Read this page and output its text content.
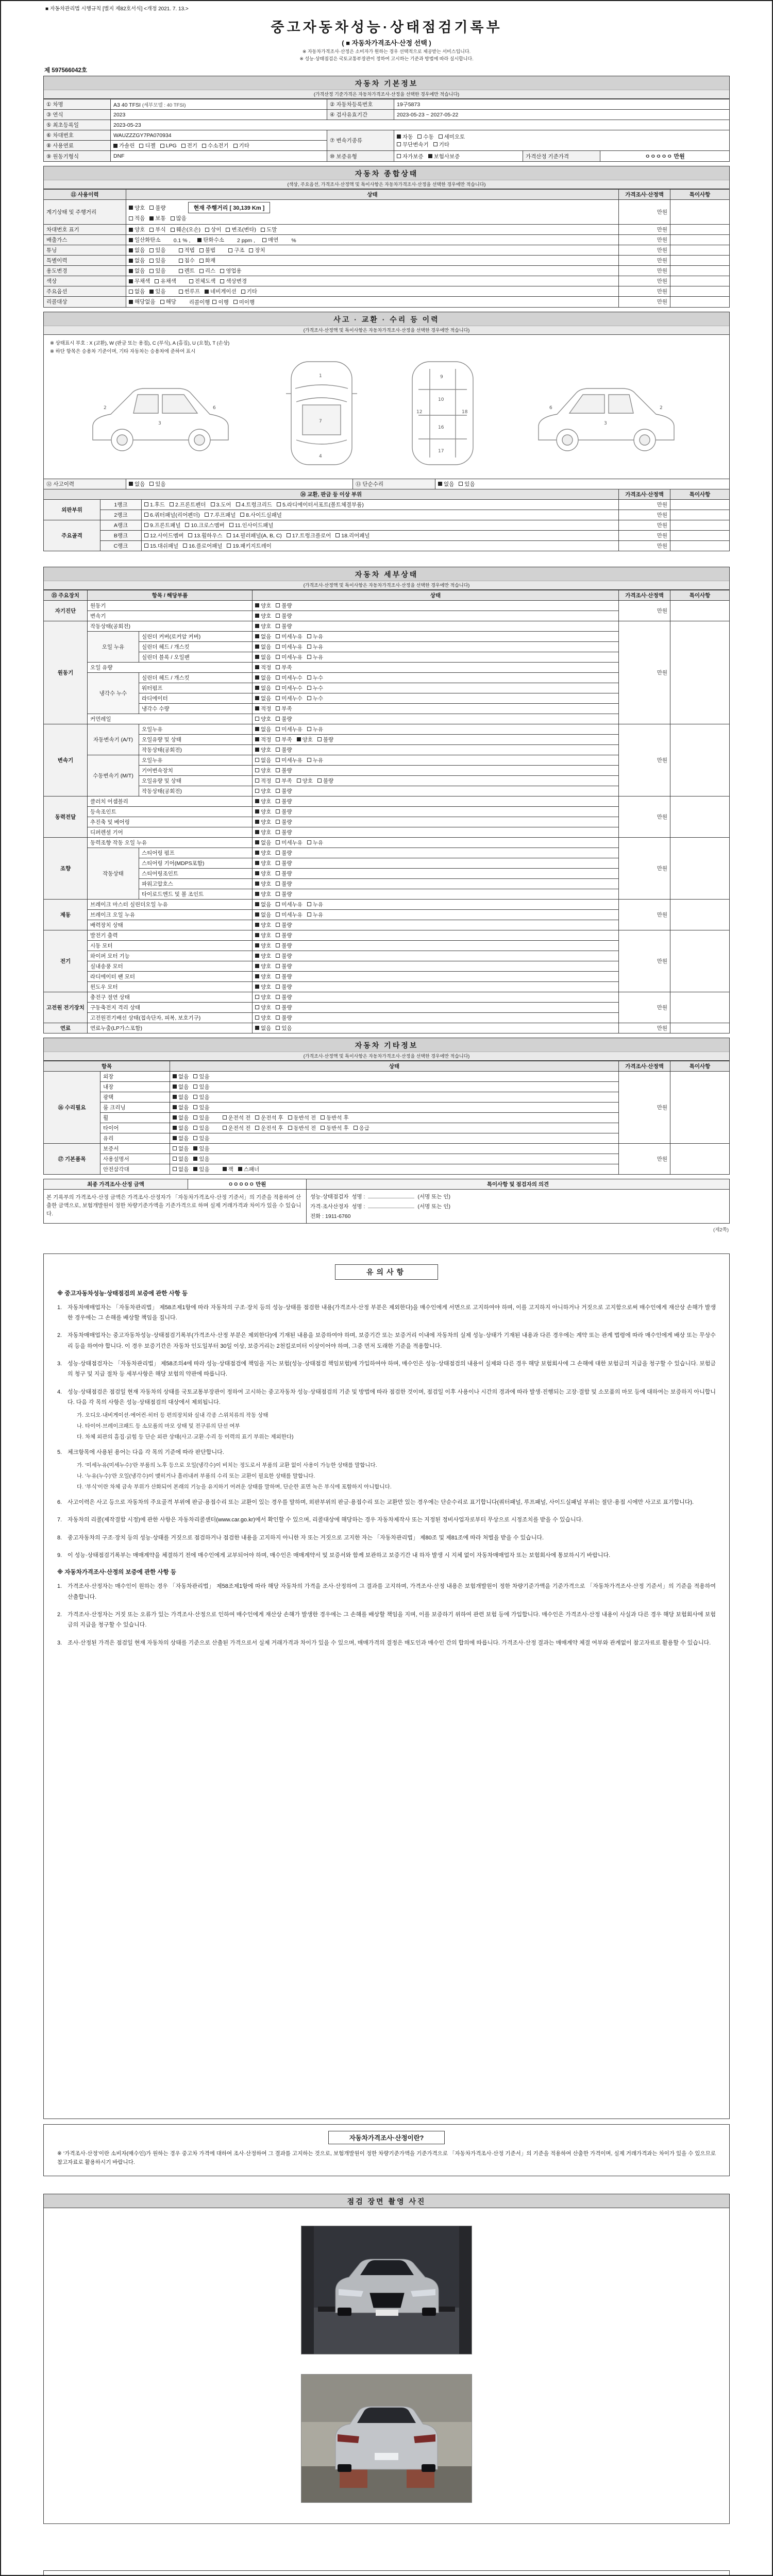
■ 자동차관리법 시행규칙 [별지 제82호서식] <개정 2021. 7. 13.>
중고자동차성능·상태점검기록부
( ■ 자동차가격조사·산정 선택 )
※ 자동차가격조사·산정은 소비자가 원하는 경우 선택적으로 제공받는 서비스입니다.
※ 성능·상태점검은 국토교통부장관이 정하여 고시하는 기준과 방법에 따라 실시합니다.
제 597566042호
자동차 기본정보
(가격산정 기준가격은 자동차가격조사·산정을 선택한 경우에만 적습니다)
① 차명	A3 40 TFSI (세부모델 : 40 TFSI)	② 자동차등록번호	19구5873		
③ 연식	2023	④ 검사유효기간	2023-05-23 ~ 2027-05-22		
⑤ 최초등록일	2023-05-23				
⑥ 차대번호	WAUZZZGY7PA070934	⑦ 변속기종류	자동 수동 세미오토
무단변속기 기타		

⑧ 사용연료	가솔린 디젤 LPG 전기 수소전기 기타

⑨ 원동기형식	DNF	⑩ 보증유형	자가보증 보험사보증	가격산정 기준가격	ㅇㅇㅇㅇㅇ 만원
자동차 종합상태
(색상, 주요옵션, 가격조사·산정액 및 특이사항은 자동차가격조사·산정을 선택한 경우에만 적습니다)
⑪ 사용이력	상태	가격조사·산정액	특이사항
계기상태 및 주행거리	
양호 불량	현재 주행거리 [ 30,139 Km ]
적음 보통 많음
	만원	
차대번호 표기	양호 부식 훼손(오손) 상이 변조(변타) 도말	만원	
배출가스	일산화탄소 0.1 % , 탄화수소 2 ppm , 매연 %	만원	
튜닝	없음 있음	적법 불법	구조 장치	만원	
특별이력	없음 있음 침수 화재	만원	
용도변경	없음 있음 렌트 리스 영업용	만원	
색상	무채색 유채색 전체도색 색상변경	만원	
주요옵션	없음 있음 썬루프 네비게이션 기타	만원	
리콜대상	해당없음 해당 리콜이행 이행 미이행	만원	
사고 · 교환 · 수리 등 이력
(가격조사·산정액 및 특이사항은 자동차가격조사·산정을 선택한 경우에만 적습니다)
※ 상태표시 부호 : X (교환), W (판금 또는 용접), C (부식), A (흠집), U (요철), T (손상)
※ 하단 항목은 승용차 기준이며, 기타 자동차는 승용차에 준하여 표시
2
3
6
1
7
4
9
10
12
16
17
18
2
3
6
⑫ 사고이력	없음 있음	⑬ 단순수리	없음 있음
⑭ 교환, 판금 등 이상 부위			가격조사·산정액	특이사항
외판부위	1랭크	1.후드 2.프론트펜더 3.도어 4.트렁크리드 5.라디에이터서포트(볼트체결부품)	만원	
	2랭크	6.쿼터패널(리어펜더) 7.루프패널 8.사이드실패널	만원	
주요골격	A랭크	9.프론트패널 10.크로스멤버 11.인사이드패널	만원	
	B랭크	12.사이드멤버 13.휠하우스 14.필러패널(A, B, C) 17.트렁크플로어 18.리어패널	만원	
	C랭크	15.대쉬패널 16.플로어패널 19.패키지트레이	만원	
자동차 세부상태
(가격조사·산정액 및 특이사항은 자동차가격조사·산정을 선택한 경우에만 적습니다)
⑮ 주요장치	항목 / 해당부품		상태	가격조사·산정액	특이사항
자기진단	원동기		양호 불량	만원	
	변속기		양호 불량		

원동기	작동상태(공회전)		양호 불량	만원	
	오일 누유	실린더 커버(로커암 커버)	없음 미세누유 누유		

		실린더 헤드 / 개스킷	없음 미세누유 누유		

		실린더 블록 / 오일팬	없음 미세누유 누유		

	오일 유량		적정 부족		

	냉각수 누수	실린더 헤드 / 개스킷	없음 미세누수 누수		

		워터펌프	없음 미세누수 누수		

		라디에이터	없음 미세누수 누수		

		냉각수 수량	적정 부족		

	커먼레일		양호 불량		

변속기	자동변속기 (A/T)	오일누유	없음 미세누유 누유	만원	
		오일유량 및 상태	적정 부족 양호 불량		

		작동상태(공회전)	양호 불량		

	수동변속기 (M/T)	오일누유	없음 미세누유 누유		

		기어변속장치	양호 불량		

		오일유량 및 상태	적정 부족 양호 불량		

		작동상태(공회전)	양호 불량		

동력전달	클러치 어셈블리		양호 불량	만원	
	등속조인트		양호 불량		

	추진축 및 베어링		양호 불량		

	디퍼렌셜 기어		양호 불량		

조향	동력조향 작동 오일 누유		없음 미세누유 누유	만원	
	작동상태	스티어링 펌프	양호 불량		

		스티어링 기어(MDPS포함)	양호 불량		

		스티어링조인트	양호 불량		

		파워고압호스	양호 불량		

		타이로드엔드 및 볼 조인트	양호 불량		

제동	브레이크 마스터 실린더오일 누유		없음 미세누유 누유	만원	
	브레이크 오일 누유		없음 미세누유 누유		

	배력장치 상태		양호 불량		

전기	발전기 출력		양호 불량	만원	
	시동 모터		양호 불량		

	와이퍼 모터 기능		양호 불량		

	실내송풍 모터		양호 불량		

	라디에이터 팬 모터		양호 불량		

	윈도우 모터		양호 불량		

고전원 전기장치	충전구 절연 상태		양호 불량	만원	
	구동축전지 격리 상태		양호 불량		

	고전원전기배선 상태(접속단자, 피복, 보호기구)		양호 불량		

연료	연료누출(LP가스포함)		없음 있음	만원	
자동차 기타정보
(가격조사·산정액 및 특이사항은 자동차가격조사·산정을 선택한 경우에만 적습니다)
항목		상태	가격조사·산정액	특이사항
⑯ 수리필요	외장	없음 있음	만원	
	내장	없음 있음		

	광택	없음 있음		

	룸 크리닝	없음 있음		

휠	없음 있음	운전석 전 운전석 후 동반석 전 동반석 후

타이어	없음 있음	운전석 전 운전석 후 동반석 전 동반석 후 응급

	유리	없음 있음		

⑰ 기본품목	보증서	없음 있음	만원	
	사용설명서	없음 있음		

	안전삼각대	없음 있음 잭 스패너		
최종 가격조사·산정 금액	ㅇㅇㅇㅇㅇ 만원	특이사항 및 점검자의 의견
본 기록부의 가격조사·산정 금액은 가격조사·산정자가 「자동차가격조사·산정 기준서」의 기준을 적용하여 산출한 금액으로, 보험개발원이 정한 차량기준가액을 기준가격으로 하며 실제 거래가격과 차이가 있을 수 있습니다.		성능·상태점검자 성명 : (서명 또는 인)
가격·조사산정자 성명 : (서명 또는 인)
전화 : 1911-6760
(제2쪽)
유의사항
※ 중고자동차성능·상태점검의 보증에 관한 사항 등
1. 자동차매매업자는 「자동차관리법」 제58조제1항에 따라 자동차의 구조·장치 등의 성능·상태를 점검한 내용(가격조사·산정 부분은 제외한다)을 매수인에게 서면으로 고지하여야 하며, 이를 고지하지 아니하거나 거짓으로 고지함으로써 매수인에게 재산상 손해가 발생한 경우에는 그 손해를 배상할 책임을 집니다.
2. 자동차매매업자는 중고자동차성능·상태점검기록부(가격조사·산정 부분은 제외한다)에 기재된 내용을 보증하여야 하며, 보증기간 또는 보증거리 이내에 자동차의 실제 성능·상태가 기재된 내용과 다른 경우에는 계약 또는 관계 법령에 따라 매수인에게 배상 또는 무상수리 등을 하여야 합니다. 이 경우 보증기간은 자동차 인도일부터 30일 이상, 보증거리는 2천킬로미터 이상이어야 하며, 그중 먼저 도래한 기준을 적용합니다.
3. 성능·상태점검자는 「자동차관리법」 제58조의4에 따라 성능·상태점검에 책임을 지는 보험(성능·상태점검 책임보험)에 가입하여야 하며, 매수인은 성능·상태점검의 내용이 실제와 다른 경우 해당 보험회사에 그 손해에 대한 보험금의 지급을 청구할 수 있습니다. 보험금의 청구 및 지급 절차 등 세부사항은 해당 보험의 약관에 따릅니다.
4. 성능·상태점검은 점검일 현재 자동차의 상태를 국토교통부장관이 정하여 고시하는 중고자동차 성능·상태점검의 기준 및 방법에 따라 점검한 것이며, 점검일 이후 사용이나 시간의 경과에 따라 발생·진행되는 고장·결함 및 소모품의 마모 등에 대하여는 보증하지 아니합니다. 다음 각 목의 사항은 성능·상태점검의 대상에서 제외됩니다.
가. 오디오·내비게이션·에어컨·히터 등 편의장치와 실내 각종 스위치류의 작동 상태
나. 타이어·브레이크패드 등 소모품의 마모 상태 및 전구류의 단선 여부
다. 차체 외관의 흠집·긁힘 등 단순 외관 상태(사고·교환·수리 등 이력의 표기 부위는 제외한다)
5. 체크항목에 사용된 용어는 다음 각 목의 기준에 따라 판단합니다.
가. ‘미세누유(미세누수)’란 부품의 노후 등으로 오일(냉각수)이 비치는 정도로서 부품의 교환 없이 사용이 가능한 상태를 말합니다.
나. ‘누유(누수)’란 오일(냉각수)이 맺히거나 흘러내려 부품의 수리 또는 교환이 필요한 상태를 말합니다.
다. ‘부식’이란 차체 금속 부위가 산화되어 본래의 기능을 유지하기 어려운 상태를 말하며, 단순한 표면 녹은 부식에 포함하지 아니합니다.
6. 사고이력은 사고 등으로 자동차의 주요골격 부위에 판금·용접수리 또는 교환이 있는 경우를 말하며, 외판부위의 판금·용접수리 또는 교환만 있는 경우에는 단순수리로 표기합니다(쿼터패널, 루프패널, 사이드실패널 부위는 절단·용접 시에만 사고로 표기합니다).
7. 자동차의 리콜(제작결함 시정)에 관한 사항은 자동차리콜센터(www.car.go.kr)에서 확인할 수 있으며, 리콜대상에 해당하는 경우 자동차제작사 또는 지정된 정비사업자로부터 무상으로 시정조치를 받을 수 있습니다.
8. 중고자동차의 구조·장치 등의 성능·상태를 거짓으로 점검하거나 점검한 내용을 고지하지 아니한 자 또는 거짓으로 고지한 자는 「자동차관리법」 제80조 및 제81조에 따라 처벌을 받을 수 있습니다.
9. 이 성능·상태점검기록부는 매매계약을 체결하기 전에 매수인에게 교부되어야 하며, 매수인은 매매계약서 및 보증서와 함께 보관하고 보증기간 내 하자 발생 시 지체 없이 자동차매매업자 또는 보험회사에 통보하시기 바랍니다.
※ 자동차가격조사·산정의 보증에 관한 사항 등
1. 가격조사·산정자는 매수인이 원하는 경우 「자동차관리법」 제58조제1항에 따라 해당 자동차의 가격을 조사·산정하여 그 결과를 고지하며, 가격조사·산정 내용은 보험개발원이 정한 차량기준가액을 기준가격으로 「자동차가격조사·산정 기준서」의 기준을 적용하여 산출합니다.
2. 가격조사·산정자는 거짓 또는 오류가 있는 가격조사·산정으로 인하여 매수인에게 재산상 손해가 발생한 경우에는 그 손해를 배상할 책임을 지며, 이를 보증하기 위하여 관련 보험 등에 가입합니다. 매수인은 가격조사·산정 내용이 사실과 다른 경우 해당 보험회사에 보험금의 지급을 청구할 수 있습니다.
3. 조사·산정된 가격은 점검일 현재 자동차의 상태를 기준으로 산출된 가격으로서 실제 거래가격과 차이가 있을 수 있으며, 매매가격의 결정은 매도인과 매수인 간의 합의에 따릅니다. 가격조사·산정 결과는 매매계약 체결 여부와 관계없이 참고자료로 활용할 수 있습니다.
자동차가격조사·산정이란?
※ ‘가격조사·산정’이란 소비자(매수인)가 원하는 경우 중고차 가격에 대하여 조사·산정하여 그 결과를 고지하는 것으로, 보험개발원이 정한 차량기준가액을 기준가격으로 「자동차가격조사·산정 기준서」의 기준을 적용하여 산출한 가격이며, 실제 거래가격과는 차이가 있을 수 있으므로 참고자료로 활용하시기 바랍니다.
점검 장면 촬영 사진
